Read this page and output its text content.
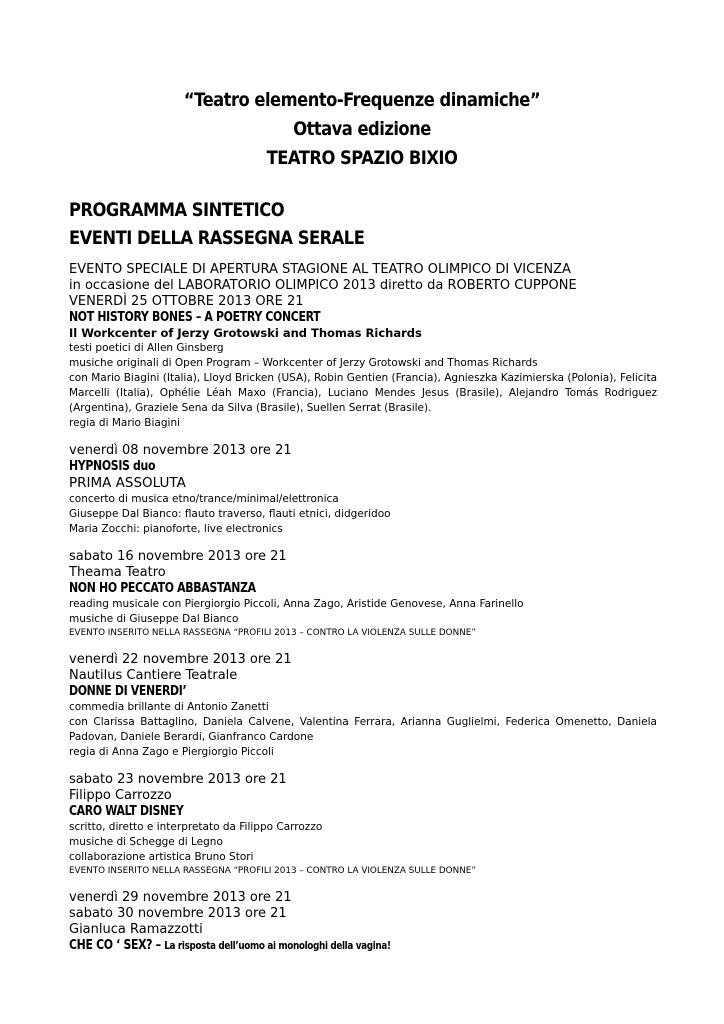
“Teatro elemento-Frequenze dinamiche”
Ottava edizione
TEATRO SPAZIO BIXIO
PROGRAMMA SINTETICO
EVENTI DELLA RASSEGNA SERALE
EVENTO SPECIALE DI APERTURA STAGIONE AL TEATRO OLIMPICO DI VICENZA
in occasione del LABORATORIO OLIMPICO 2013 diretto da ROBERTO CUPPONE
VENERDÌ 25 OTTOBRE 2013 ORE 21
NOT HISTORY BONES – A POETRY CONCERT
Il Workcenter of Jerzy Grotowski and Thomas Richards
testi poetici di Allen Ginsberg
musiche originali di Open Program – Workcenter of Jerzy Grotowski and Thomas Richards
con Mario Biagini (Italia), Lloyd Bricken (USA), Robin Gentien (Francia), Agnieszka Kazimierska (Polonia), Felicita Marcelli (Italia), Ophélie Léah Maxo (Francia), Luciano Mendes Jesus (Brasile), Alejandro Tomás Rodriguez (Argentina), Graziele Sena da Silva (Brasile), Suellen Serrat (Brasile).
regia di Mario Biagini
venerdì 08 novembre 2013 ore 21
HYPNOSIS duo
PRIMA ASSOLUTA
concerto di musica etno/trance/minimal/elettronica
Giuseppe Dal Bianco: flauto traverso, flauti etnici, didgeridoo
Maria Zocchi: pianoforte, live electronics
sabato 16 novembre 2013 ore 21
Theama Teatro
NON HO PECCATO ABBASTANZA
reading musicale con Piergiorgio Piccoli, Anna Zago, Aristide Genovese, Anna Farinello
musiche di Giuseppe Dal Bianco
EVENTO INSERITO NELLA RASSEGNA “PROFILI 2013 – CONTRO LA VIOLENZA SULLE DONNE”
venerdì 22 novembre 2013 ore 21
Nautilus Cantiere Teatrale
DONNE DI VENERDI’
commedia brillante di Antonio Zanetti
con Clarissa Battaglino, Daniela Calvene, Valentina Ferrara, Arianna Guglielmi, Federica Omenetto, Daniela Padovan, Daniele Berardi, Gianfranco Cardone
regia di Anna Zago e Piergiorgio Piccoli
sabato 23 novembre 2013 ore 21
Filippo Carrozzo
CARO WALT DISNEY
scritto, diretto e interpretato da Filippo Carrozzo
musiche di Schegge di Legno
collaborazione artistica Bruno Stori
EVENTO INSERITO NELLA RASSEGNA “PROFILI 2013 – CONTRO LA VIOLENZA SULLE DONNE”
venerdì 29 novembre 2013 ore 21
sabato 30 novembre 2013 ore 21
Gianluca Ramazzotti
CHE CO ‘ SEX? – La risposta dell’uomo ai monologhi della vagina!
